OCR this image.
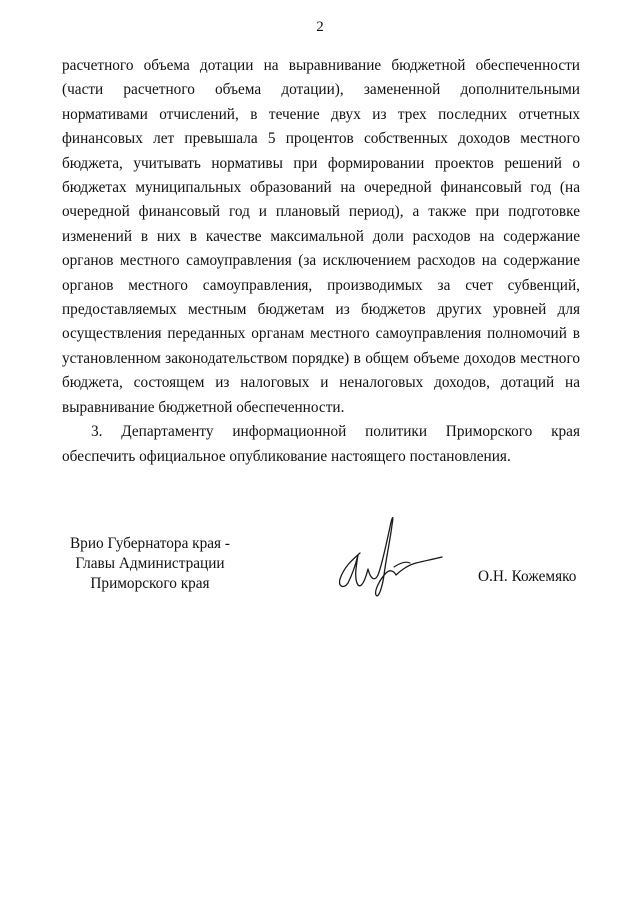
2

расчетного объема дотации на выравнивание бюджетной обеспеченности
(части расчетного объема дотации), замененной дополнительными
нормативами отчислений, в течение двух из трех последних отчетных
финансовых лет превышала 5 процентов собственных доходов местного
бюджета, учитывать нормативы при формировании проектов решений о
бюджетах муниципальных образований на очередной финансовый год (на
очередной финансовый год и плановый период), а также при подготовке
изменений в них в качестве максимальной доли расходов на содержание
органов местного самоуправления (за исключением расходов на содержание
органов местного самоуправления, производимых за счет субвенций,
предоставляемых местным бюджетам из бюджетов других уровней для
осуществления переданных органам местного самоуправления полномочий в
установленном законодательством порядке) в общем объеме доходов местного
бюджета, состоящем из налоговых и неналоговых доходов, дотаций на
выравнивание бюджетной обеспеченности.

3. Департаменту информационной политики Приморского края
обеспечить официальное опубликование настоящего постановления.

Врио Губернатора края -
Главы Администрации
Приморского края	О.Н. Кожемяко
